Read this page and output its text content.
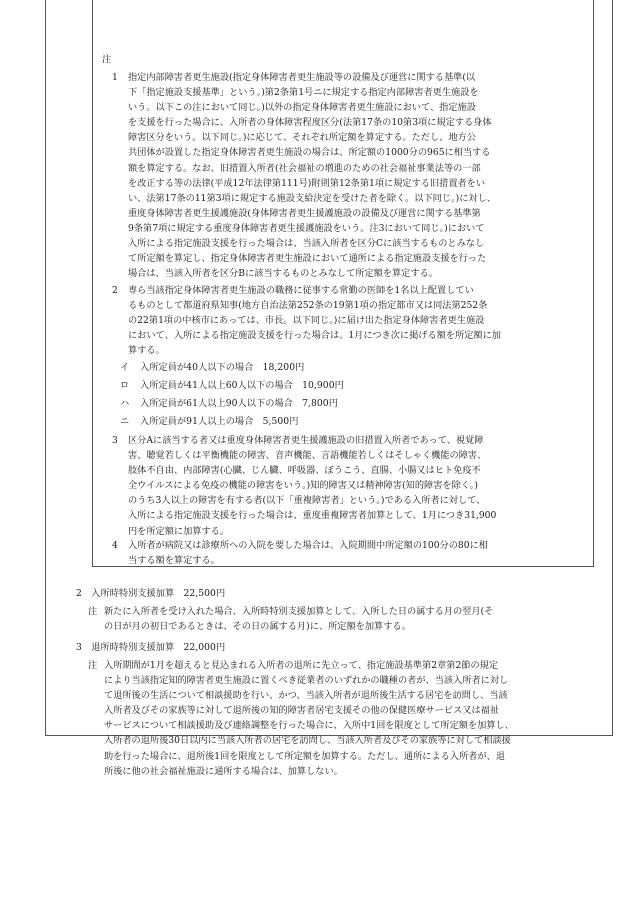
注
1 指定内部障害者更生施設(指定身体障害者更生施設等の設備及び運営に関する基準(以
下「指定施設支援基準」という。)第2条第1号ニに規定する指定内部障害者更生施設を
いう。以下この注において同じ。)以外の指定身体障害者更生施設において、指定施設
を支援を行った場合に、入所者の身体障害程度区分(法第17条の10第3項に規定する身体
障害区分をいう。以下同じ。)に応じて、それぞれ所定額を算定する。ただし、地方公
共団体が設置した指定身体障害者更生施設の場合は、所定額の1000分の965に相当する
額を算定する。なお、旧措置入所者(社会福祉の増進のための社会福祉事業法等の一部
を改正する等の法律(平成12年法律第111号)附則第12条第1項に規定する旧措置者をい
い、法第17条の11第3項に規定する施設支給決定を受けた者を除く。以下同じ。)に対し、
重度身体障害者更生援護施設(身体障害者更生援護施設の設備及び運営に関する基準第
9条第7項に規定する重度身体障害者更生援護施設をいう。注3において同じ。)において
入所による指定施設支援を行った場合は、当該入所者を区分Cに該当するものとみなし
て所定額を算定し、指定身体障害者更生施設において通所による指定施設支援を行った
場合は、当該入所者を区分Bに該当するものとみなして所定額を算定する。
2 専ら当該指定身体障害者更生施設の職務に従事する常勤の医師を1名以上配置してい
るものとして都道府県知事(地方自治法第252条の19第1項の指定都市又は同法第252条
の22第1項の中核市にあっては、市長。以下同じ。)に届け出た指定身体障害者更生施設
において、入所による指定施設支援を行った場合は、1月につき次に掲げる額を所定額に加
算する。
イ 入所定員が40人以下の場合　18,200円
ロ 入所定員が41人以上60人以下の場合　10,900円
ハ 入所定員が61人以上90人以下の場合　7,800円
ニ 入所定員が91人以上の場合　5,500円
3 区分Aに該当する者又は重度身体障害者更生援護施設の旧措置入所者であって、視覚障
害、聴覚若しくは平衡機能の障害、音声機能、言語機能若しくはそしゃく機能の障害、
肢体不自由、内部障害(心臓、じん臓、呼吸器、ぼうこう、直腸、小腸又はヒト免疫不
全ウイルスによる免疫の機能の障害をいう。)知的障害又は精神障害(知的障害を除く。)
のうち3人以上の障害を有する者(以下「重複障害者」という。)である入所者に対して、
入所による指定施設支援を行った場合は、重度重複障害者加算として、1月につき31,900
円を所定額に加算する。
4 入所者が病院又は診療所への入院を要した場合は、入院期間中所定額の100分の80に相
当する額を算定する。
2　入所時特別支援加算　22,500円
注 新たに入所者を受け入れた場合、入所時特別支援加算として、入所した日の属する月の翌月(そ
の日が月の初日であるときは、その日の属する月)に、所定額を加算する。
3　退所時特別支援加算　22,000円
注 入所期間が1月を超えると見込まれる入所者の退所に先立って、指定施設基準第2章第2節の規定
により当該指定知的障害者更生施設に置くべき従業者のいずれかの職種の者が、当該入所者に対し
て退所後の生活について相談援助を行い、かつ、当該入所者が退所後生活する居宅を訪問し、当該
入所者及びその家族等に対して退所後の知的障害者居宅支援その他の保健医療サービス又は福祉
サービスについて相談援助及び連絡調整を行った場合に、入所中1回を限度として所定額を加算し、
入所者の退所後30日以内に当該入所者の居宅を訪問し、当該入所者及びその家族等に対して相談援
助を行った場合に、退所後1回を限度として所定額を加算する。ただし、通所による入所者が、退
所後に他の社会福祉施設に通所する場合は、加算しない。
